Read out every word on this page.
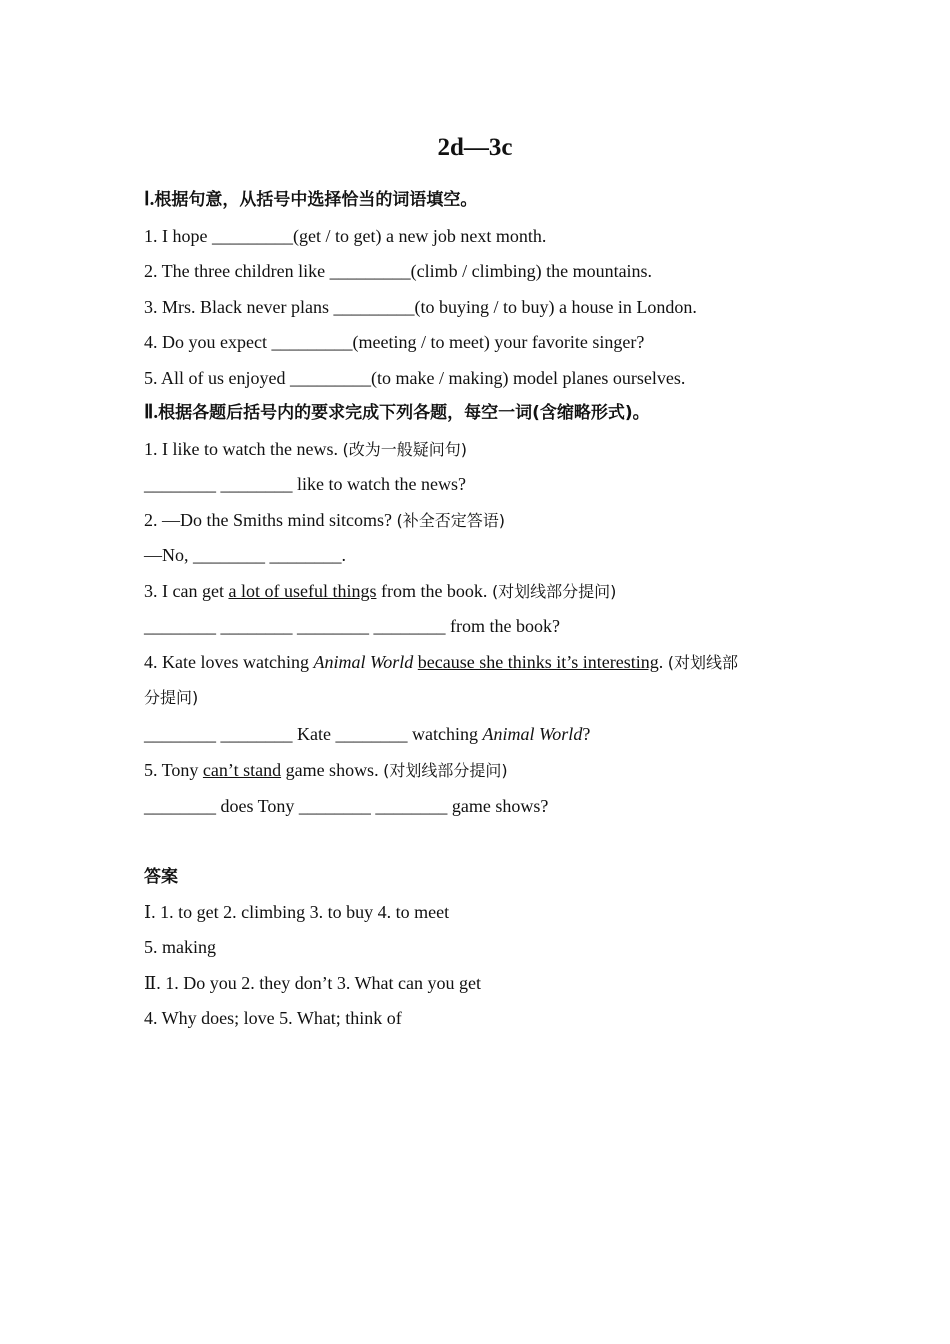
2d—3c
Ⅰ.根据句意，从括号中选择恰当的词语填空。
1. I hope _________(get / to get) a new job next month.
2. The three children like _________(climb / climbing) the mountains.
3. Mrs. Black never plans _________(to buying / to buy) a house in London.
4. Do you expect _________(meeting / to meet) your favorite singer?
5. All of us enjoyed _________(to make / making) model planes ourselves.
Ⅱ.根据各题后括号内的要求完成下列各题，每空一词(含缩略形式)。
1. I like to watch the news. (改为一般疑问句)
________ ________ like to watch the news?
2. —Do the Smiths mind sitcoms? (补全否定答语)
—No, ________ ________.
3. I can get a lot of useful things from the book. (对划线部分提问)
________ ________ ________ ________ from the book?
4. Kate loves watching Animal World because she thinks it’s interesting. (对划线部
分提问)
________ ________ Kate ________ watching Animal World?
5. Tony can’t stand game shows. (对划线部分提问)
________ does Tony ________ ________ game shows?
答案
Ⅰ. 1. to get 2. climbing 3. to buy 4. to meet
5. making
Ⅱ. 1. Do you 2. they don’t 3. What can you get
4. Why does; love 5. What; think of
